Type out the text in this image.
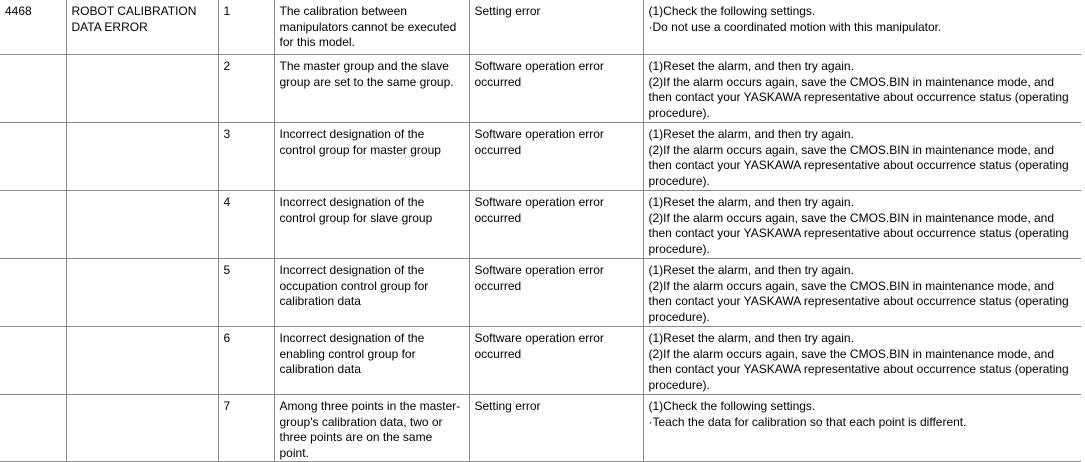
4468	ROBOT CALIBRATION
DATA ERROR	1	The calibration between
manipulators cannot be executed
for this model.	Setting error	(1)Check the following settings.
·Do not use a coordinated motion with this manipulator.
		2	The master group and the slave
group are set to the same group.	Software operation error
occurred	(1)Reset the alarm, and then try again.
(2)If the alarm occurs again, save the CMOS.BIN in maintenance mode, and
then contact your YASKAWA representative about occurrence status (operating
procedure).
		3	Incorrect designation of the
control group for master group	Software operation error
occurred	(1)Reset the alarm, and then try again.
(2)If the alarm occurs again, save the CMOS.BIN in maintenance mode, and
then contact your YASKAWA representative about occurrence status (operating
procedure).
		4	Incorrect designation of the
control group for slave group	Software operation error
occurred	(1)Reset the alarm, and then try again.
(2)If the alarm occurs again, save the CMOS.BIN in maintenance mode, and
then contact your YASKAWA representative about occurrence status (operating
procedure).
		5	Incorrect designation of the
occupation control group for
calibration data	Software operation error
occurred	(1)Reset the alarm, and then try again.
(2)If the alarm occurs again, save the CMOS.BIN in maintenance mode, and
then contact your YASKAWA representative about occurrence status (operating
procedure).
		6	Incorrect designation of the
enabling control group for
calibration data	Software operation error
occurred	(1)Reset the alarm, and then try again.
(2)If the alarm occurs again, save the CMOS.BIN in maintenance mode, and
then contact your YASKAWA representative about occurrence status (operating
procedure).
		7	Among three points in the master-
group's calibration data, two or
three points are on the same
point.	Setting error	(1)Check the following settings.
·Teach the data for calibration so that each point is different.
